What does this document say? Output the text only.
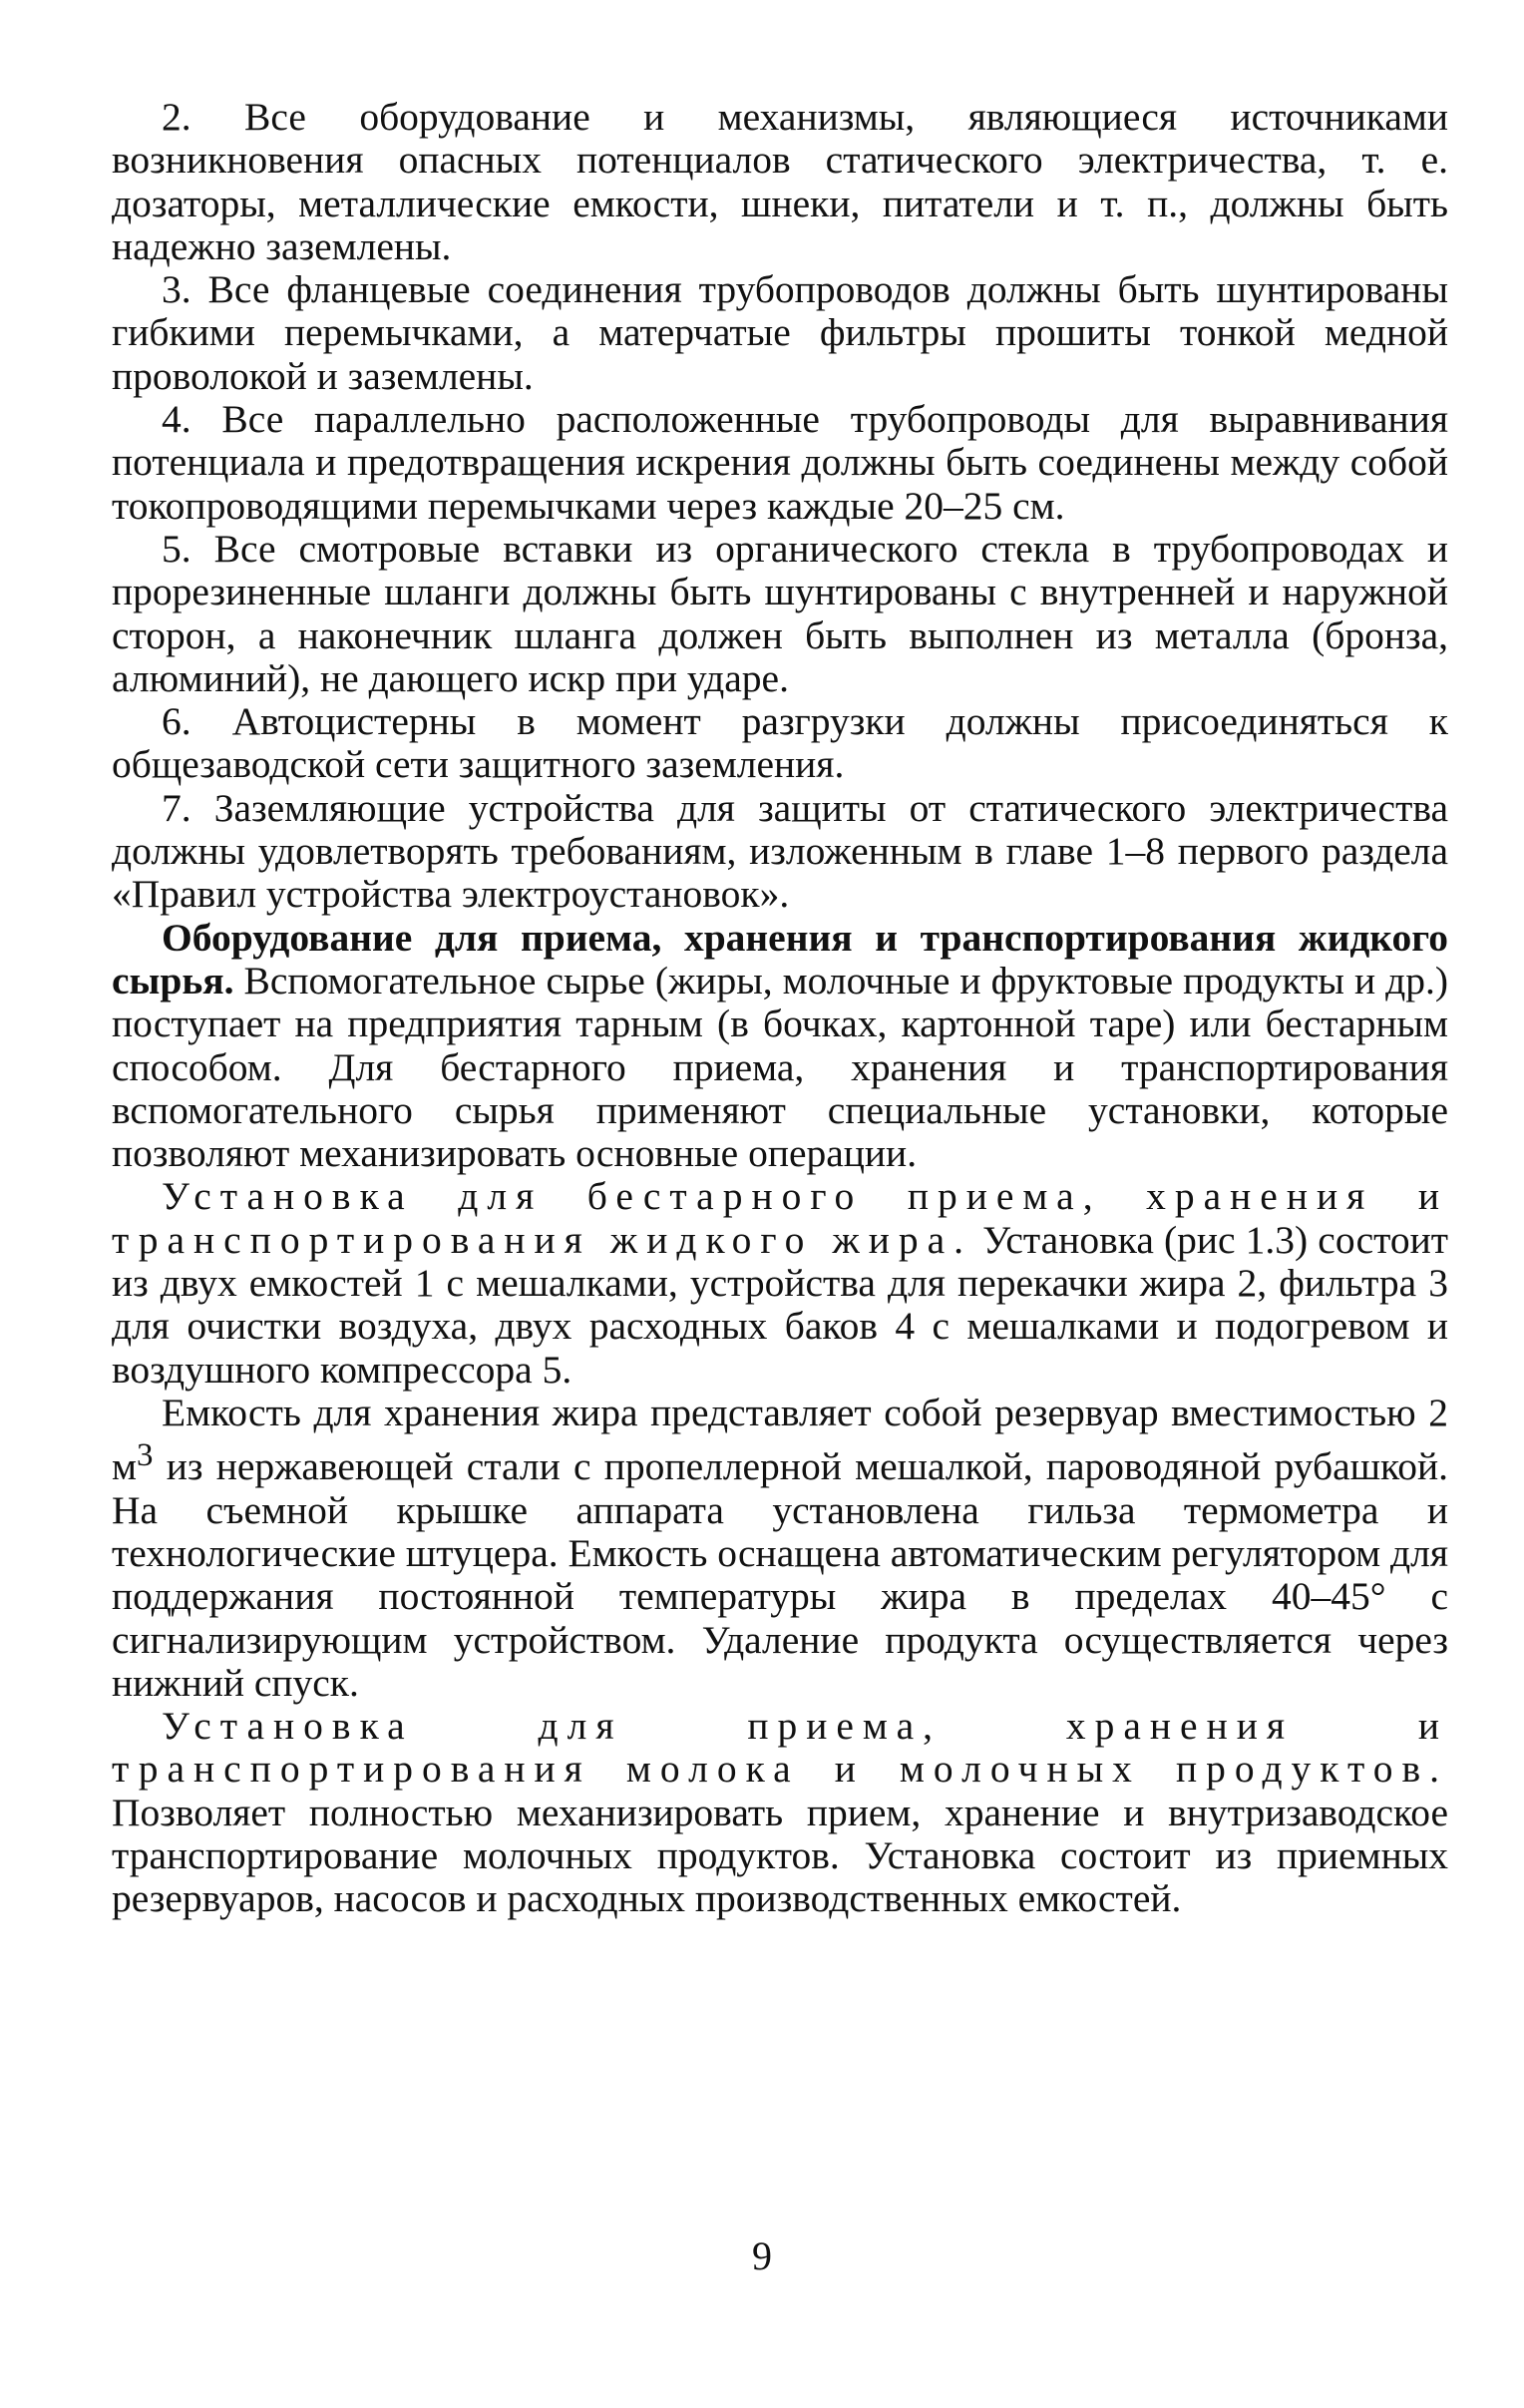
2. Все оборудование и механизмы, являющиеся источниками возникновения опасных потенциалов статического электричества, т. е. дозаторы, металлические емкости, шнеки, питатели и т. п., должны быть надежно заземлены.

3. Все фланцевые соединения трубопроводов должны быть шунтированы гибкими перемычками, а матерчатые фильтры прошиты тонкой медной проволокой и заземлены.

4. Все параллельно расположенные трубопроводы для выравнивания потенциала и предотвращения искрения должны быть соединены между собой токопроводящими перемычками через каждые 20–25 см.

5. Все смотровые вставки из органического стекла в трубопроводах и прорезиненные шланги должны быть шунтированы с внутренней и наружной сторон, а наконечник шланга должен быть выполнен из металла (бронза, алюминий), не дающего искр при ударе.

6. Автоцистерны в момент разгрузки должны присоединяться к общезаводской сети защитного заземления.

7. Заземляющие устройства для защиты от статического электричества должны удовлетворять требованиям, изложенным в главе 1–8 первого раздела «Правил устройства электроустановок».

Оборудование для приема, хранения и транспортирования жидкого сырья. Вспомогательное сырье (жиры, молочные и фруктовые продукты и др.) поступает на предприятия тарным (в бочках, картонной таре) или бестарным способом. Для бестарного приема, хранения и транспортирования вспомогательного сырья применяют специальные установки, которые позволяют механизировать основные операции.

Установка для бестарного приема, хранения и транспортирования жидкого жира. Установка (рис 1.3) состоит из двух емкостей 1 с мешалками, устройства для перекачки жира 2, фильтра 3 для очистки воздуха, двух расходных баков 4 с мешалками и подогревом и воздушного компрессора 5.

Емкость для хранения жира представляет собой резервуар вместимостью 2 $м^3$ из нержавеющей стали с пропеллерной мешалкой, пароводяной рубашкой. На съемной крышке аппарата установлена гильза термометра и технологические штуцера. Емкость оснащена автоматическим регулятором для поддержания постоянной температуры жира в пределах 40–45° с сигнализирующим устройством. Удаление продукта осуществляется через нижний спуск.

Установка для приема, хранения и транспортирования молока и молочных продуктов. Позволяет полностью механизировать прием, хранение и внутризаводское транспортирование молочных продуктов. Установка состоит из приемных резервуаров, насосов и расходных производственных емкостей.

9
